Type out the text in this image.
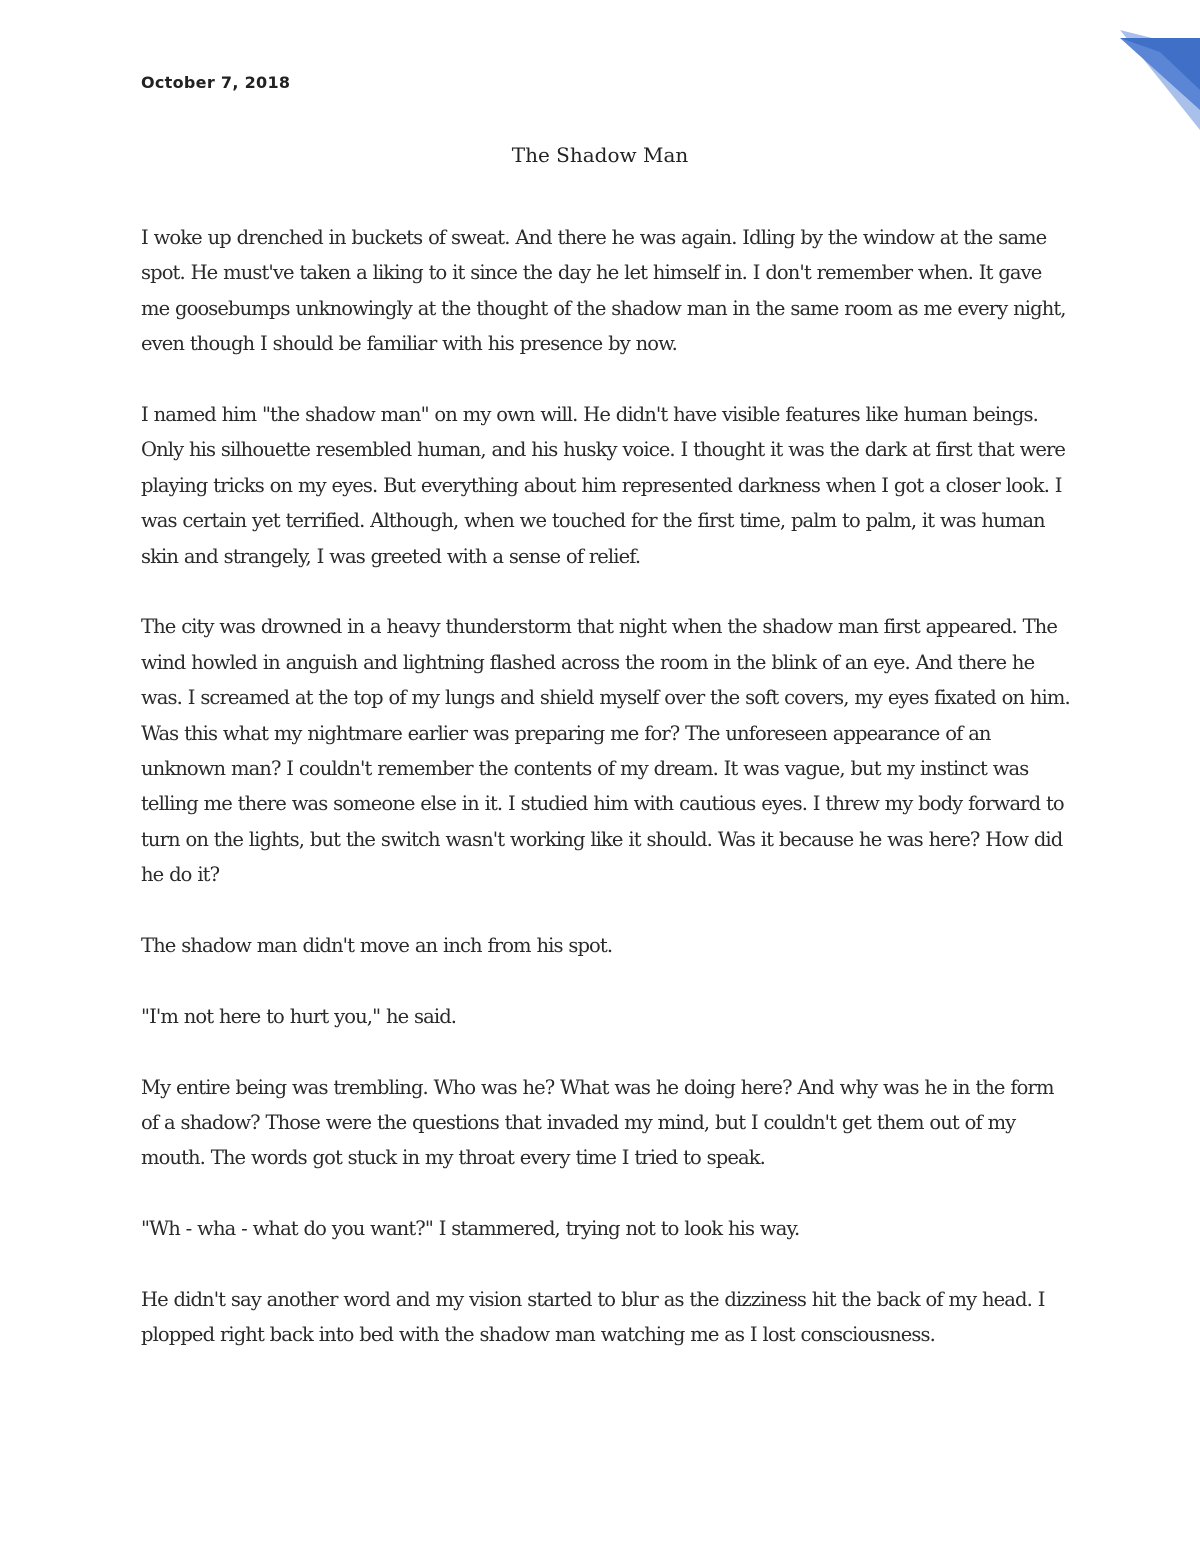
October 7, 2018
The Shadow Man

I woke up drenched in buckets of sweat. And there he was again. Idling by the window at the same spot. He must've taken a liking to it since the day he let himself in. I don't remember when. It gave me goosebumps unknowingly at the thought of the shadow man in the same room as me every night, even though I should be familiar with his presence by now.

I named him "the shadow man" on my own will. He didn't have visible features like human beings. Only his silhouette resembled human, and his husky voice. I thought it was the dark at first that were playing tricks on my eyes. But everything about him represented darkness when I got a closer look. I was certain yet terrified. Although, when we touched for the first time, palm to palm, it was human skin and strangely, I was greeted with a sense of relief.

The city was drowned in a heavy thunderstorm that night when the shadow man first appeared. The wind howled in anguish and lightning flashed across the room in the blink of an eye. And there he was. I screamed at the top of my lungs and shield myself over the soft covers, my eyes fixated on him. Was this what my nightmare earlier was preparing me for? The unforeseen appearance of an unknown man? I couldn't remember the contents of my dream. It was vague, but my instinct was telling me there was someone else in it. I studied him with cautious eyes. I threw my body forward to turn on the lights, but the switch wasn't working like it should. Was it because he was here? How did he do it?

The shadow man didn't move an inch from his spot.

"I'm not here to hurt you," he said.

My entire being was trembling. Who was he? What was he doing here? And why was he in the form of a shadow? Those were the questions that invaded my mind, but I couldn't get them out of my mouth. The words got stuck in my throat every time I tried to speak.

"Wh - wha - what do you want?" I stammered, trying not to look his way.

He didn't say another word and my vision started to blur as the dizziness hit the back of my head. I plopped right back into bed with the shadow man watching me as I lost consciousness.
